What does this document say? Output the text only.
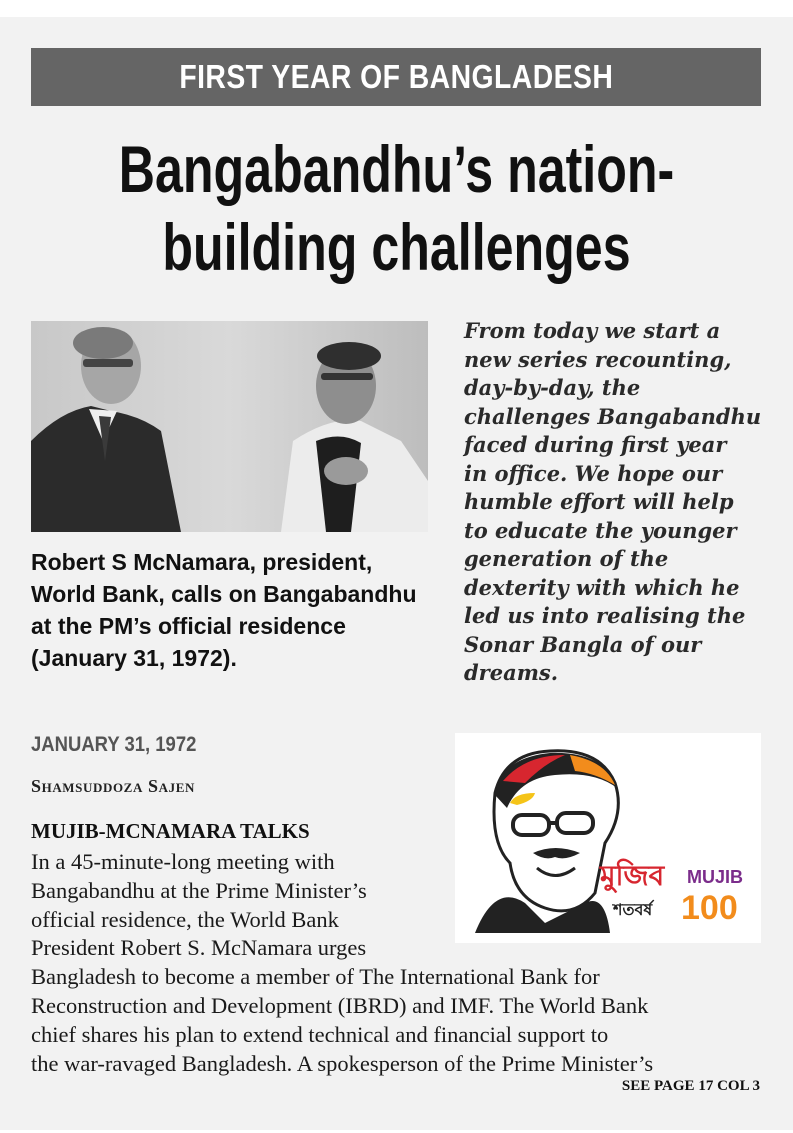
FIRST YEAR OF BANGLADESH
Bangabandhu’s nation-
building challenges
Robert S McNamara, president,
World Bank, calls on Bangabandhu
at the PM’s official residence
(January 31, 1972).
From today we start a
new series recounting,
day-by-day, the
challenges Bangabandhu
faced during first year
in office. We hope our
humble effort will help
to educate the younger
generation of the
dexterity with which he
led us into realising the
Sonar Bangla of our
dreams.
JANUARY 31, 1972
Shamsuddoza Sajen
MUJIB-MCNAMARA TALKS
মুজিব
শতবর্ষ
MUJIB
100
In a 45-minute-long meeting with
Bangabandhu at the Prime Minister’s
official residence, the World Bank
President Robert S. McNamara urges
Bangladesh to become a member of The International Bank for
Reconstruction and Development (IBRD) and IMF. The World Bank
chief shares his plan to extend technical and financial support to
the war-ravaged Bangladesh. A spokesperson of the Prime Minister’s
SEE PAGE 17 COL 3
